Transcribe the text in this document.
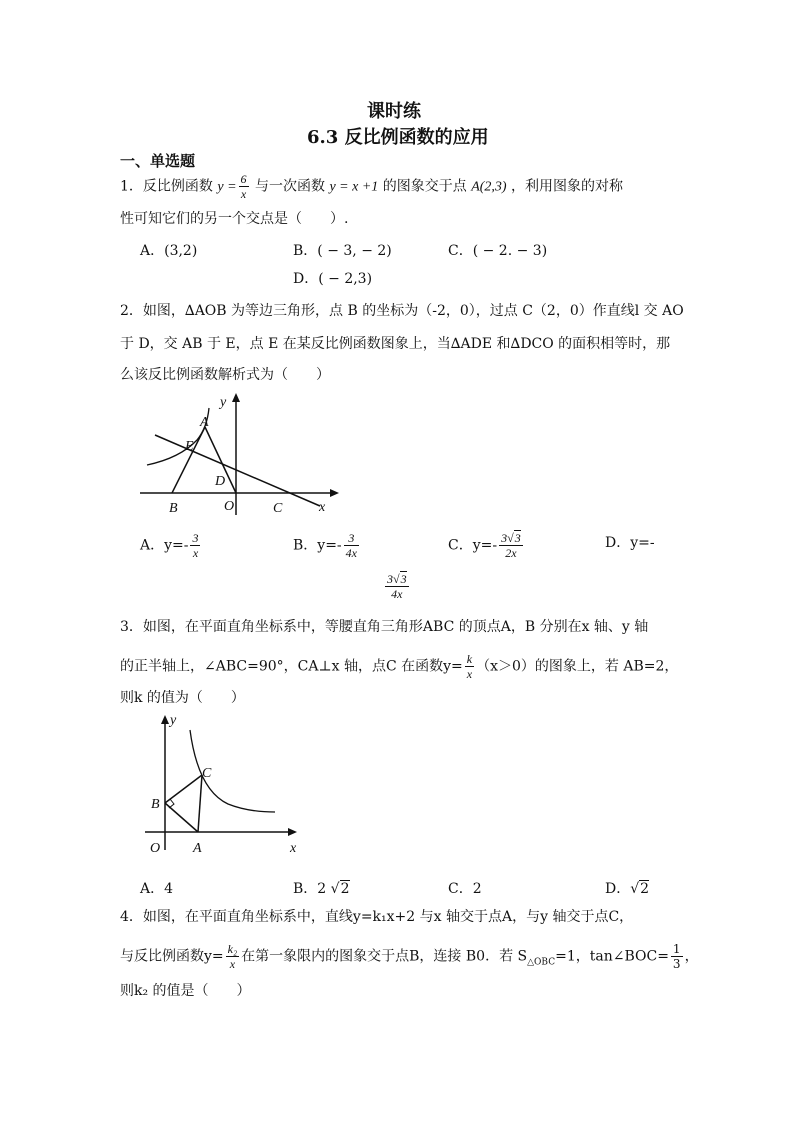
课时练
6.3 反比例函数的应用
一、单选题
1．反比例函数 $y = \frac{6}{x}$ 与一次函数 y = x +1 的图象交于点 A(2,3) ，利用图象的对称
性可知它们的另一个交点是（　　）.
A．(3,2)	B．( − 3, − 2)	C．( − 2. − 3)
D．( − 2,3)
2．如图，∆AOB 为等边三角形，点 B 的坐标为（-2，0），过点 C（2，0）作直线l 交 AO
于 D，交 AB 于 E，点 E 在某反比例函数图象上，当∆ADE 和∆DCO 的面积相等时，那
么该反比例函数解析式为（　　）
y
A
E
D
B	O	C	x
A．$y=- \frac{3}{x}$	B．$y=- \frac{3}{4x}$	C．$y=- \frac{3√3}{2x}$	D．y=-
$\frac{3√3}{4x}$
3．如图，在平面直角坐标系中，等腰直角三角形ABC 的顶点A，B 分别在x 轴、y 轴
的正半轴上，∠ABC=90°，CA⊥x 轴，点C 在函数$y= \frac{k}{x} (x>0)$的图象上，若 AB=2，
则k 的值为（　　）
y
C
B
O A	x
A．4	B．2 √2	C．2	D．√2
4．如图，在平面直角坐标系中，直线y=k₁x+2 与x 轴交于点A，与y 轴交于点C，
与反比例函数$y= \frac{\text{k₂}}{x}$ 在第一象限内的图象交于点B，连接 B0．若 $S_{\triangle OBC}=1$，tan∠BOC= $\frac{1}{3}$ ，
则k₂ 的值是（　　）
